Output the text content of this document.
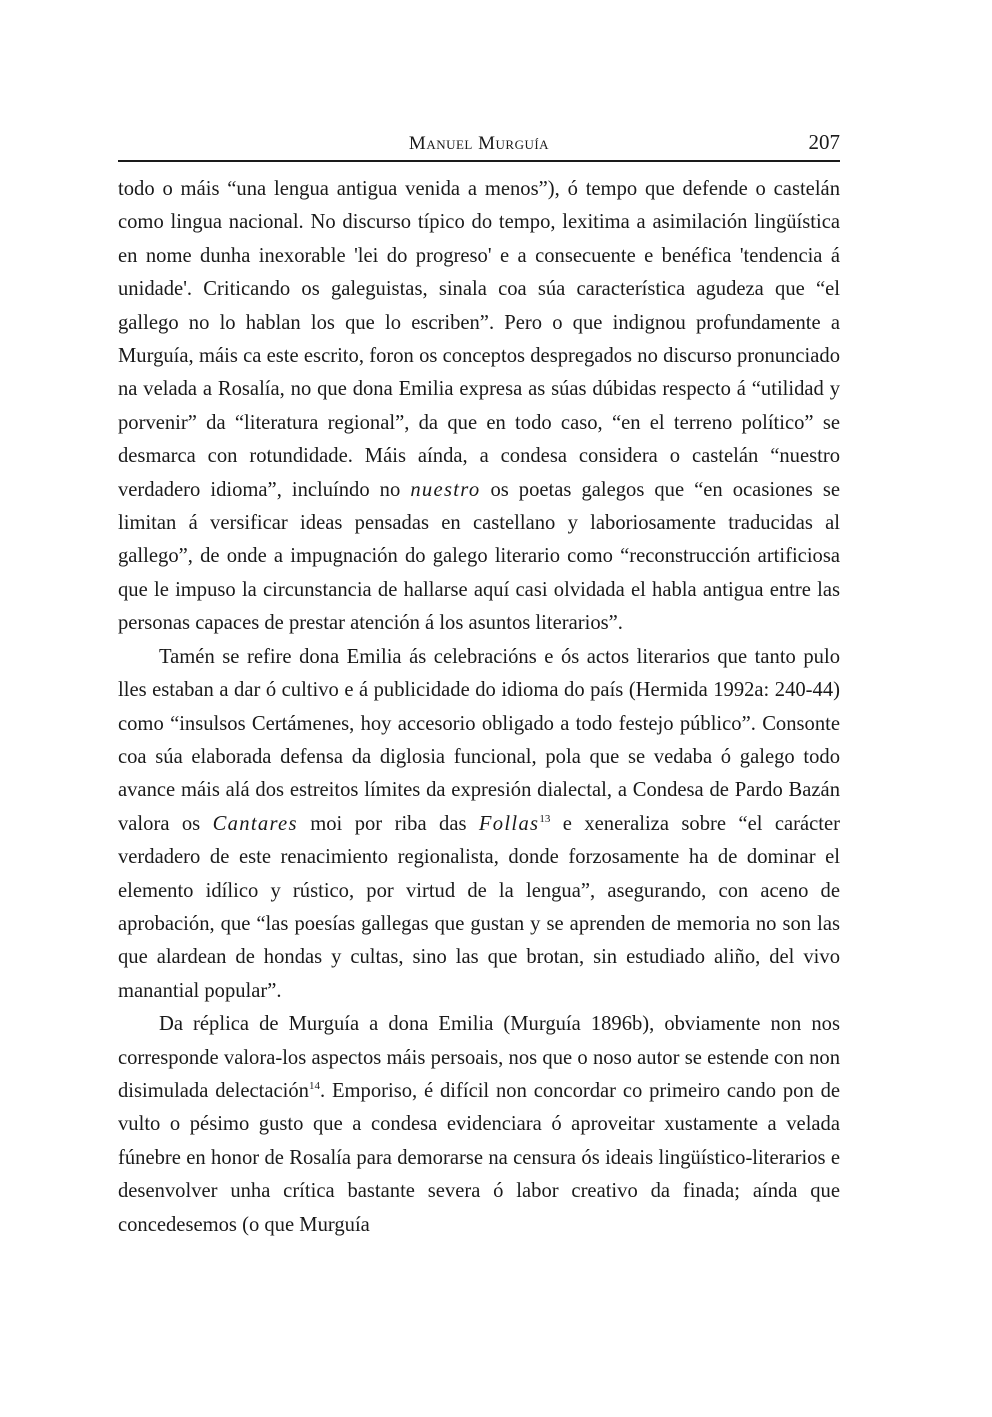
Manuel Murguía	207

todo o máis “una lengua antigua venida a menos”), ó tempo que defende o castelán como lingua nacional. No discurso típico do tempo, lexitima a asimilación lingüística en nome dunha inexorable 'lei do progreso' e a consecuente e benéfica 'tendencia á unidade'. Criticando os galeguistas, sinala coa súa característica agudeza que “el gallego no lo hablan los que lo escriben”. Pero o que indignou profundamente a Murguía, máis ca este escrito, foron os conceptos despregados no discurso pronunciado na velada a Rosalía, no que dona Emilia expresa as súas dúbidas respecto á “utilidad y porvenir” da “literatura regional”, da que en todo caso, “en el terreno político” se desmarca con rotundidade. Máis aínda, a condesa considera o castelán “nuestro verdadero idioma”, incluíndo no nuestro os poetas galegos que “en ocasiones se limitan á versificar ideas pensadas en castellano y laboriosamente traducidas al gallego”, de onde a impugnación do galego literario como “reconstrucción artificiosa que le impuso la circunstancia de hallarse aquí casi olvidada el habla antigua entre las personas capaces de prestar atención á los asuntos literarios”.

Tamén se refire dona Emilia ás celebracións e ós actos literarios que tanto pulo lles estaban a dar ó cultivo e á publicidade do idioma do país (Hermida 1992a: 240-44) como “insulsos Certámenes, hoy accesorio obligado a todo festejo público”. Consonte coa súa elaborada defensa da diglosia funcional, pola que se vedaba ó galego todo avance máis alá dos estreitos límites da expresión dialectal, a Condesa de Pardo Bazán valora os Cantares moi por riba das Follas$^{13}$ e xeneraliza sobre “el carácter verdadero de este renacimiento regionalista, donde forzosamente ha de dominar el elemento idílico y rústico, por virtud de la lengua”, asegurando, con aceno de aprobación, que “las poesías gallegas que gustan y se aprenden de memoria no son las que alardean de hondas y cultas, sino las que brotan, sin estudiado aliño, del vivo manantial popular”.

Da réplica de Murguía a dona Emilia (Murguía 1896b), obviamente non nos corresponde valora-los aspectos máis persoais, nos que o noso autor se estende con non disimulada delectación$^{14}$. Emporiso, é difícil non concordar co primeiro cando pon de vulto o pésimo gusto que a condesa evidenciara ó aproveitar xustamente a velada fúnebre en honor de Rosalía para demorarse na censura ós ideais lingüístico-literarios e desenvolver unha crítica bastante severa ó labor creativo da finada; aínda que concedesemos (o que Murguía
